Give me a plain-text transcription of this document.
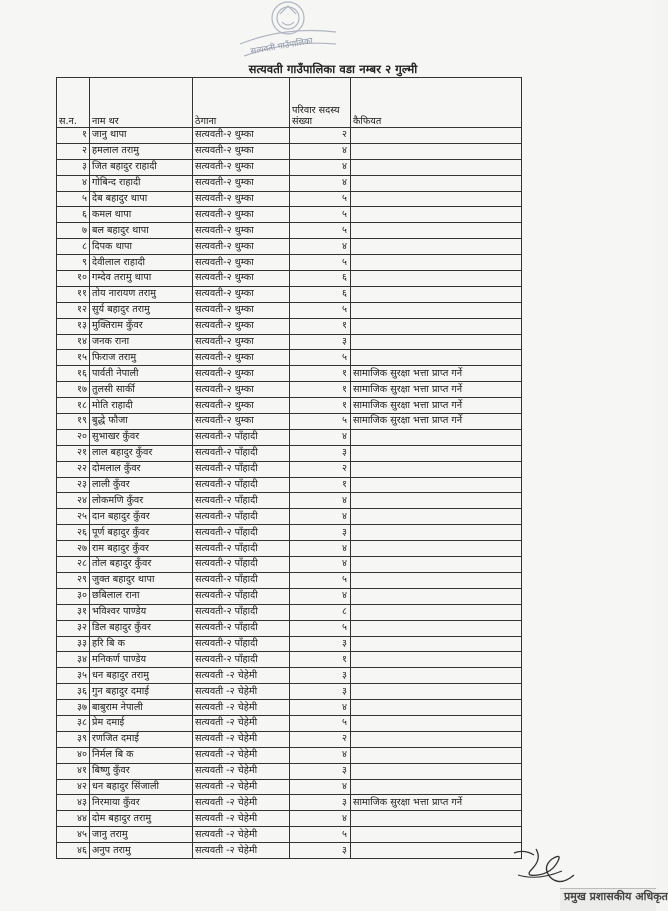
सत्यवती गाउँपालिका
सत्यवती गाउँपालिका वडा नम्बर २ गुल्मी
स.न.	नाम थर	ठेगाना	परिवार सदस्य संख्या	कैफियत
१	जानु थापा	सत्यवती-२ थुम्का	२	
२	हमलाल तरामु	सत्यवती-२ थुम्का	४	
३	जित बहादुर राहादी	सत्यवती-२ थुम्का	४	
४	गोबिन्द राहादी	सत्यवती-२ थुम्का	४	
५	देब बहादुर थापा	सत्यवती-२ थुम्का	५	
६	कमल थापा	सत्यवती-२ थुम्का	५	
७	बल बहादुर थापा	सत्यवती-२ थुम्का	५	
८	दिपक थापा	सत्यवती-२ थुम्का	४	
९	देवीलाल राहादी	सत्यवती-२ थुम्का	५	
१०	गम्देव तरामु थापा	सत्यवती-२ थुम्का	६	
११	तोय नारायण तरामु	सत्यवती-२ थुम्का	६	
१२	सुर्य बहादुर तरामु	सत्यवती-२ थुम्का	५	
१३	मुक्तिराम कुँवर	सत्यवती-२ थुम्का	१	
१४	जनक राना	सत्यवती-२ थुम्का	३	
१५	फिराज तरामु	सत्यवती-२ थुम्का	५	
१६	पार्वती नेपाली	सत्यवती-२ थुम्का	१	सामाजिक सुरक्षा भत्ता प्राप्त गर्ने
१७	तुलसी सार्की	सत्यवती-२ थुम्का	१	सामाजिक सुरक्षा भत्ता प्राप्त गर्ने
१८	मोति राहादी	सत्यवती-२ थुम्का	१	सामाजिक सुरक्षा भत्ता प्राप्त गर्ने
१९	बुद्धे फौजा	सत्यवती-२ थुम्का	५	सामाजिक सुरक्षा भत्ता प्राप्त गर्ने
२०	सुभाखर कुँवर	सत्यवती-२ पाँहादी	४	
२१	लाल बहादुर कुँवर	सत्यवती-२ पाँहादी	३	
२२	दोमलाल कुँवर	सत्यवती-२ पाँहादी	२	
२३	लाली कुँवर	सत्यवती-२ पाँहादी	१	
२४	लोकमणि कुँवर	सत्यवती-२ पाँहादी	४	
२५	दान बहादुर कुँवर	सत्यवती-२ पाँहादी	४	
२६	पूर्ण बहादुर कुँवर	सत्यवती-२ पाँहादी	३	
२७	राम बहादुर कुँवर	सत्यवती-२ पाँहादी	४	
२८	तोल बहादुर कुँवर	सत्यवती-२ पाँहादी	४	
२९	जुक्त बहादुर थापा	सत्यवती-२ पाँहादी	५	
३०	छबिलाल राना	सत्यवती-२ पाँहादी	४	
३१	भविश्वर पाण्डेय	सत्यवती-२ पाँहादी	८	
३२	डिल बहादुर कुँवर	सत्यवती-२ पाँहादी	५	
३३	हरि बि क	सत्यवती-२ पाँहादी	३	
३४	मनिकर्ण पाण्डेय	सत्यवती-२ पाँहादी	१	
३५	धन बहादुर तरामु	सत्यवती -२ चेहेमी	३	
३६	गुन बहादुर दमाई	सत्यवती -२ चेहेमी	३	
३७	बाबुराम नेपाली	सत्यवती -२ चेहेमी	४	
३८	प्रेम दमाई	सत्यवती -२ चेहेमी	५	
३९	रणजित दमाई	सत्यवती -२ चेहेमी	२	
४०	निर्मल बि क	सत्यवती -२ चेहेमी	४	
४१	बिष्णु कुँवर	सत्यवती -२ चेहेमी	३	
४२	धन बहादुर सिंजाली	सत्यवती -२ चेहेमी	४	
४३	निरमाया कुँवर	सत्यवती -२ चेहेमी	३	सामाजिक सुरक्षा भत्ता प्राप्त गर्ने
४४	दोम बहादुर तरामु	सत्यवती -२ चेहेमी	४	
४५	जानु तरामु	सत्यवती -२ चेहेमी	५	
४६	अनुप तरामु	सत्यवती -२ चेहेमी	३	
प्रमुख प्रशासकीय अधिकृत
